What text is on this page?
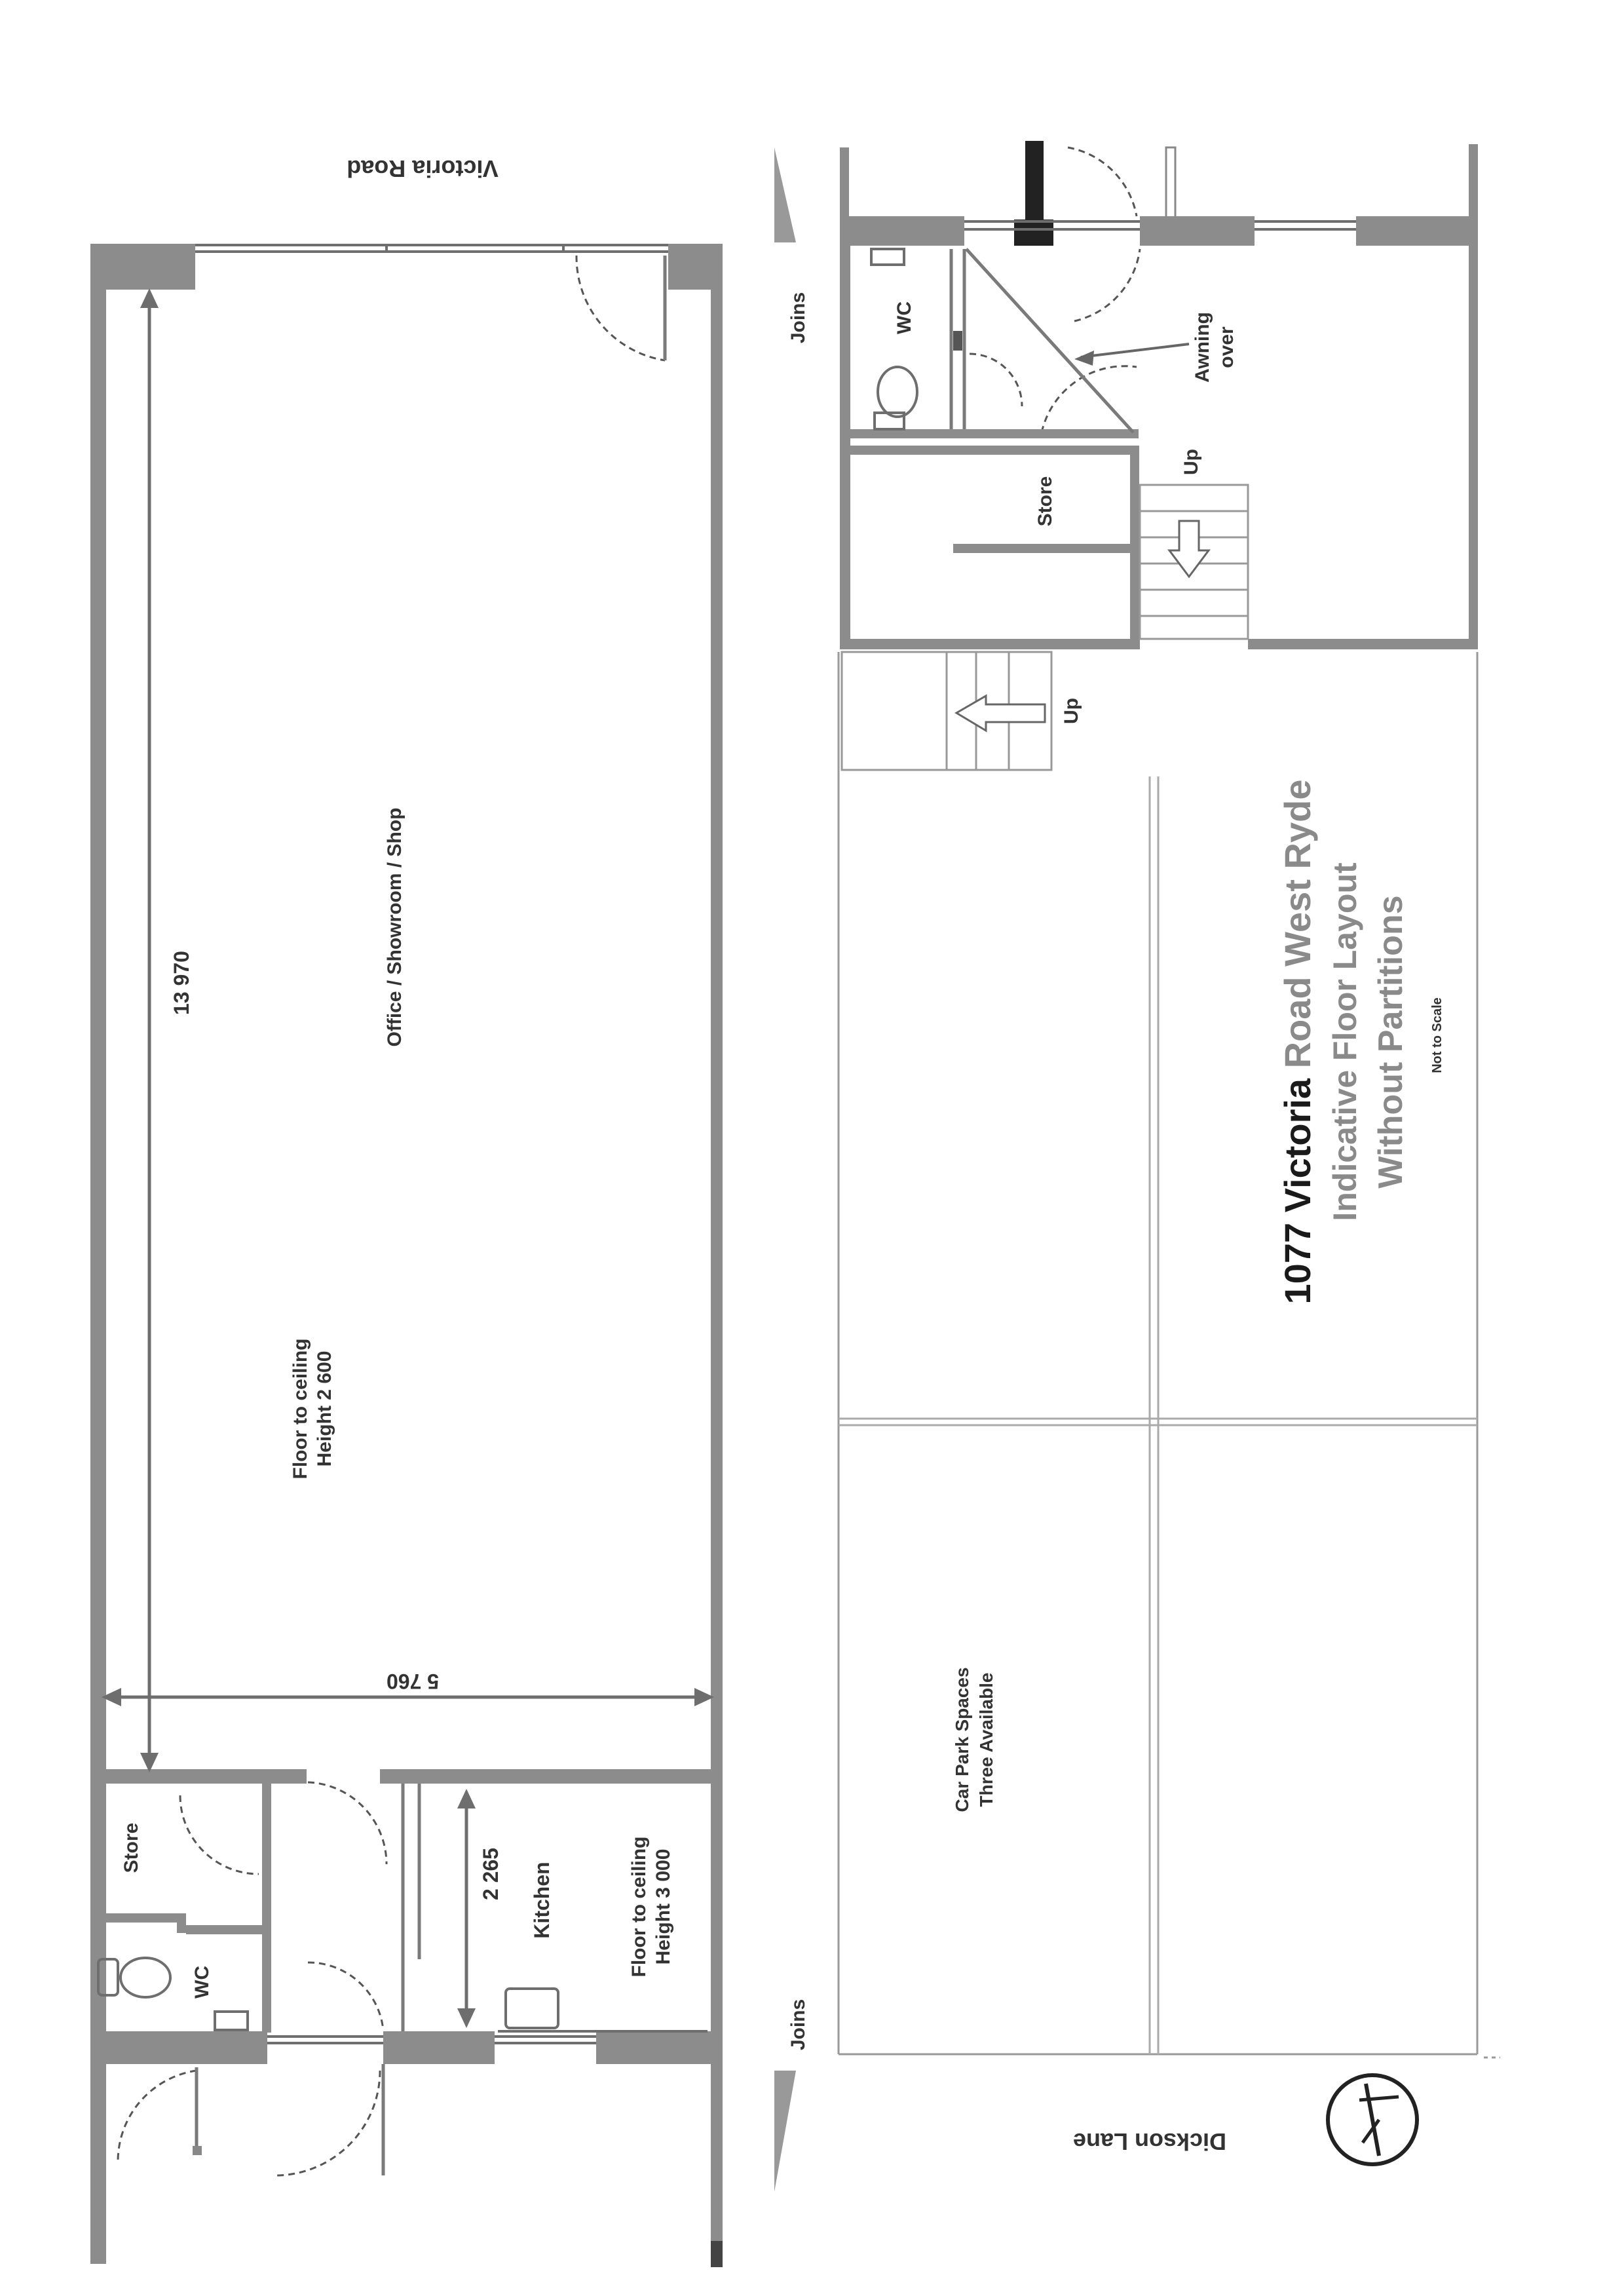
Victoria Road
Dickson Lane
Joins
Joins
Office / Showroom / Shop
Floor to ceiling Height 2 600
13 970
5 760
Store
WC
Kitchen
2 265	Floor to ceiling Height 3 000
WC
Store
Awning over
Up
Up
Car Park Spaces Three Available
1077 Victoria Road West Ryde Indicative Floor Layout Without Partitions Not to Scale
